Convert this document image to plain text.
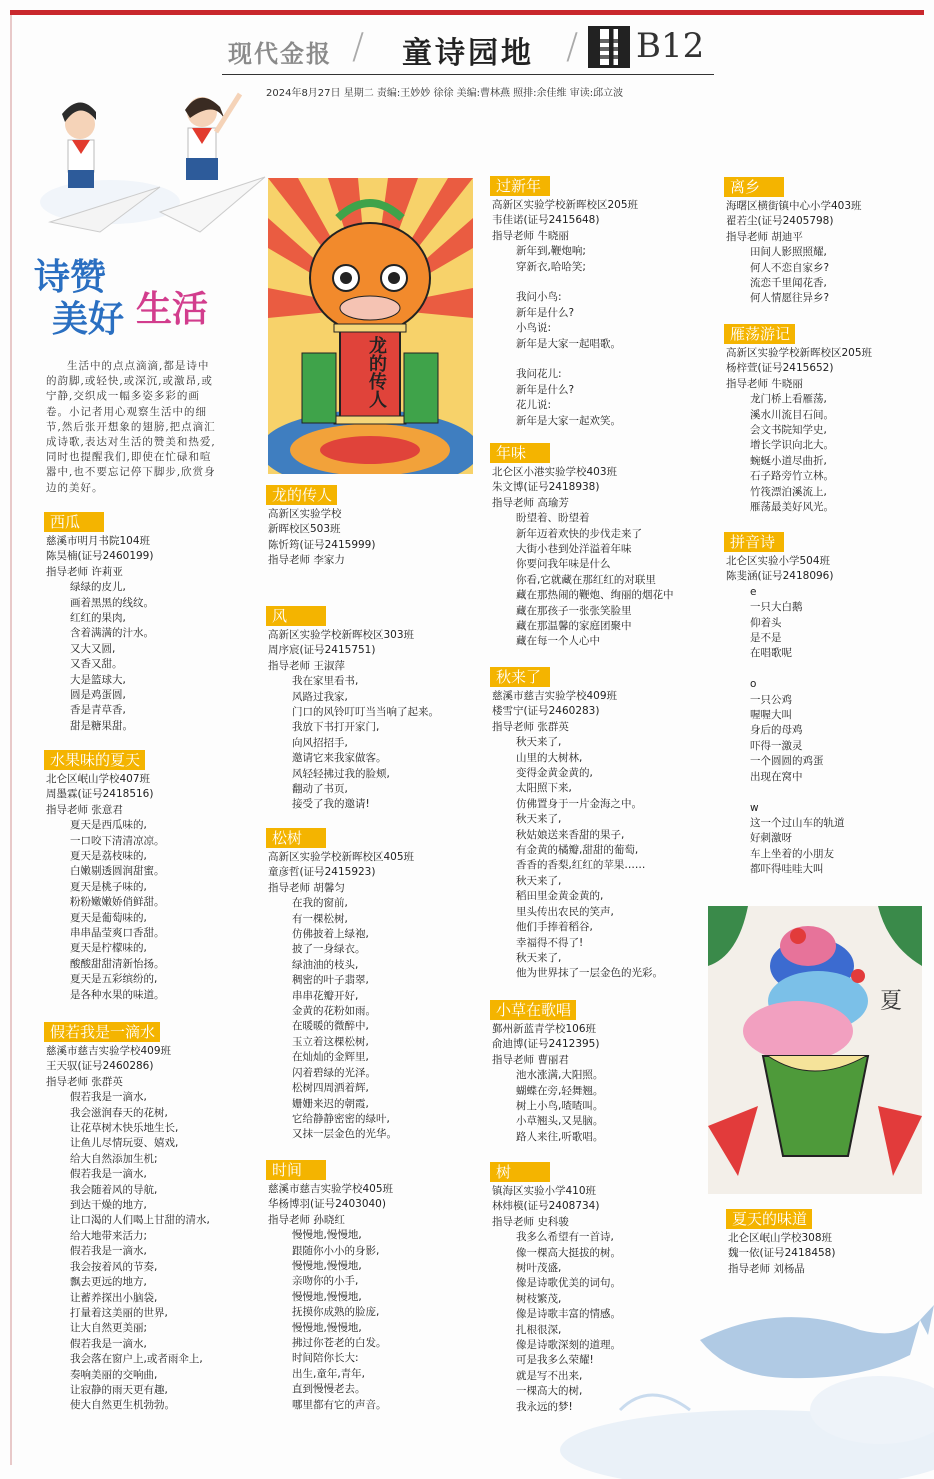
现代金报 / 童诗园地 / B12
2024年8月27日 星期二 责编:王妙妙 徐徐 美编:曹林燕 照排:余佳维 审读:邱立波
诗赞
美好 生活
生活中的点点滴滴,都是诗中的韵脚,或轻快,或深沉,或激昂,或宁静,交织成一幅多姿多彩的画卷。小记者用心观察生活中的细节,然后张开想象的翅膀,把点滴汇成诗歌,表达对生活的赞美和热爱,同时也提醒我们,即使在忙碌和喧嚣中,也不要忘记停下脚步,欣赏身边的美好。
龙的传人
夏
西瓜
慈溪市明月书院104班
陈昊楠(证号2460199)
指导老师 许莉亚
绿绿的皮儿,
画着黑黑的线纹。
红红的果肉,
含着满满的汁水。
又大又圆,
又香又甜。
大是篮球大,
圆是鸡蛋圆,
香是青草香,
甜是糖果甜。
水果味的夏天
北仑区岷山学校407班
周墨霖(证号2418516)
指导老师 张意君
夏天是西瓜味的,
一口咬下清清凉凉。
夏天是荔枝味的,
白嫩剔透圆润甜蜜。
夏天是桃子味的,
粉粉嫩嫩娇俏鲜甜。
夏天是葡萄味的,
串串晶莹爽口香甜。
夏天是柠檬味的,
酸酸甜甜清新怡扬。
夏天是五彩缤纷的,
是各种水果的味道。
假若我是一滴水
慈溪市慈吉实验学校409班
王天驭(证号2460286)
指导老师 张群英
假若我是一滴水,
我会滋润春天的花树,
让花草树木快乐地生长,
让鱼儿尽情玩耍、嬉戏,
给大自然添加生机;
假若我是一滴水,
我会随着风的导航,
到达干燥的地方,
让口渴的人们喝上甘甜的清水,
给大地带来活力;
假若我是一滴水,
我会按着风的节奏,
飘去更远的地方,
让蓄养探出小脑袋,
打量着这美丽的世界,
让大自然更美丽;
假若我是一滴水,
我会落在窗户上,或者雨伞上,
奏响美丽的交响曲,
让寂静的雨天更有趣,
使大自然更生机勃勃。
龙的传人
高新区实验学校
新晖校区503班
陈忻筠(证号2415999)
指导老师 李家力
风
高新区实验学校新晖校区303班
周序宸(证号2415751)
指导老师 王淑萍
我在家里看书,
风路过我家,
门口的风铃叮叮当当响了起来。
我放下书打开家门,
向风招招手,
邀请它来我家做客。
风轻轻拂过我的脸颊,
翻动了书页,
接受了我的邀请!
松树
高新区实验学校新晖校区405班
童彦哲(证号2415923)
指导老师 胡馨匀
在我的窗前,
有一棵松树,
仿佛披着上绿袍,
披了一身绿衣。
绿油油的枝头,
稠密的叶子翡翠,
串串花瓣开好,
金黄的花粉如雨。
在暖暖的微醉中,
玉立着这棵松树,
在灿灿的金辉里,
闪着碧绿的光泽。
松树四周洒着辉,
姗姗来迟的朝霞,
它给静静密密的绿叶,
又抹一层金色的光华。
时间
慈溪市慈吉实验学校405班
华杨博羽(证号2403040)
指导老师 孙晓红
慢慢地,慢慢地,
跟随你小小的身影,
慢慢地,慢慢地,
亲吻你的小手,
慢慢地,慢慢地,
抚摸你成熟的脸庞,
慢慢地,慢慢地,
拂过你苍老的白发。
时间陪你长大:
出生,童年,青年,
直到慢慢老去。
哪里都有它的声音。
过新年
高新区实验学校新晖校区205班
韦佳诺(证号2415648)
指导老师 牛晓丽
新年到,鞭炮响;
穿新衣,哈哈笑;

我问小鸟:
新年是什么?
小鸟说:
新年是大家一起唱歌。

我问花儿:
新年是什么?
花儿说:
新年是大家一起欢笑。
年味
北仑区小港实验学校403班
朱文博(证号2418938)
指导老师 高瑜芳
盼望着、盼望着
新年迈着欢快的步伐走来了
大街小巷到处洋溢着年味
你要问我年味是什么
你看,它就藏在那红红的对联里
藏在那热闹的鞭炮、绚丽的烟花中
藏在那孩子一张张笑脸里
藏在那温馨的家庭团聚中
藏在每一个人心中
秋来了
慈溪市慈吉实验学校409班
楼雪宁(证号2460283)
指导老师 张群英
秋天来了,
山里的大树林,
变得金黄金黄的,
太阳照下来,
仿佛置身于一片金海之中。
秋天来了,
秋姑娘送来香甜的果子,
有金黄的橘瓣,甜甜的葡萄,
香香的香梨,红红的苹果……
秋天来了,
稻田里金黄金黄的,
里头传出农民的笑声,
他们手捧着稻谷,
幸福得不得了!
秋天来了,
他为世界抹了一层金色的光彩。
小草在歌唱
鄞州新蓝青学校106班
俞迪博(证号2412395)
指导老师 曹丽君
池水涨满,大阳照。
蝴蝶在旁,轻舞翘。
树上小鸟,喳喳叫。
小草翘头,又晃脑。
路人来往,听歌唱。
树
镇海区实验小学410班
林炜模(证号2408734)
指导老师 史科骏
我多么希望有一首诗,
像一棵高大挺拔的树。
树叶茂盛,
像是诗歌优美的词句。
树枝繁茂,
像是诗歌丰富的情感。
扎根很深,
像是诗歌深刻的道理。
可是我多么荣耀!
就是写不出来,
一棵高大的树,
我永远的梦!
离乡
海曙区横街镇中心小学403班
翟若尘(证号2405798)
指导老师 胡迪平
田间人影照照耀,
何人不恋自家乡?
流恋千里闻花香,
何人情愿往异乡?
雁荡游记
高新区实验学校新晖校区205班
杨梓萱(证号2415652)
指导老师 牛晓丽
龙门桥上看雁荡,
溪水川流目石间。
会文书院知学史,
增长学识向北大。
蜿蜒小道尽曲折,
石子路旁竹立林。
竹筏漂泊溪流上,
雁荡最美好风光。
拼音诗
北仑区实验小学504班
陈斐涵(证号2418096)
e
一只大白鹅
仰着头
是不是
在唱歌呢

o
一只公鸡
喔喔大叫
身后的母鸡
吓得一激灵
一个圆圆的鸡蛋
出现在窝中

w
这一个过山车的轨道
好刺激呀
车上坐着的小朋友
都吓得哇哇大叫
夏天的味道
北仑区岷山学校308班
魏一依(证号2418458)
指导老师 刘杨晶
